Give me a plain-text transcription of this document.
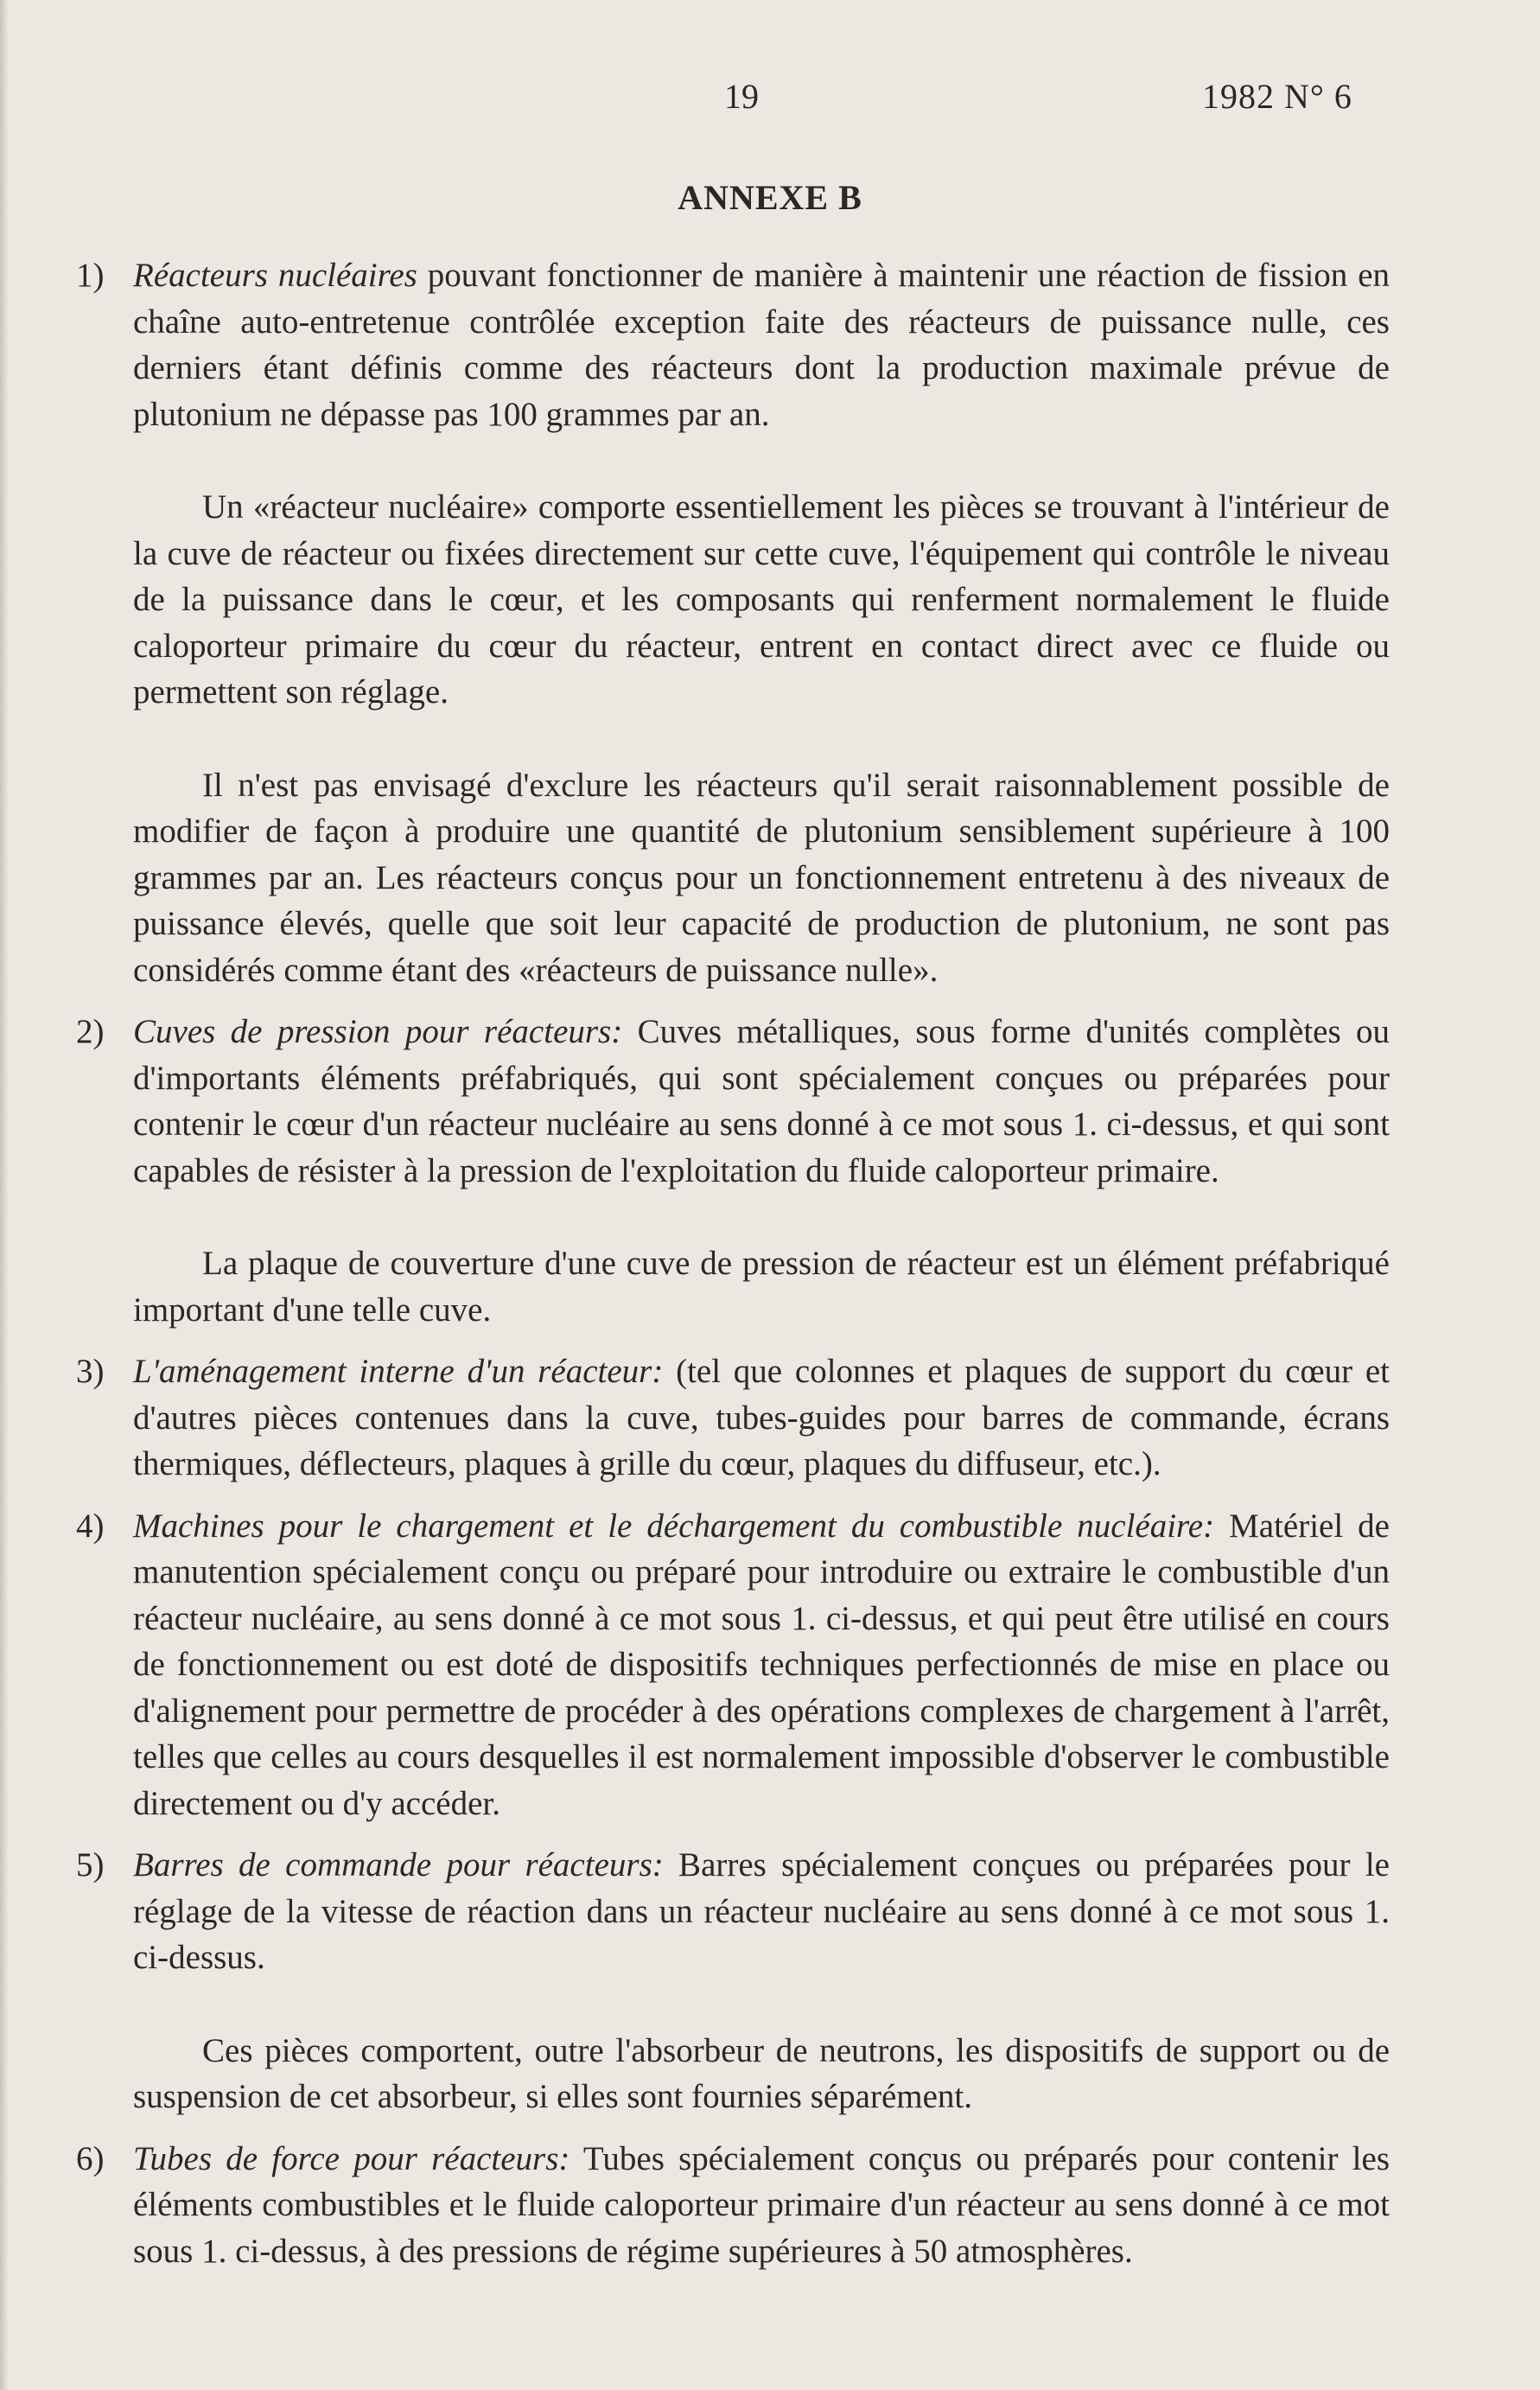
19	1982 N° 6
ANNEXE B
1) Réacteurs nucléaires pouvant fonctionner de manière à maintenir une réaction de fission en chaîne auto-entretenue contrôlée exception faite des réacteurs de puissance nulle, ces derniers étant définis comme des réacteurs dont la production maximale prévue de plutonium ne dépasse pas 100 grammes par an.
Un «réacteur nucléaire» comporte essentiellement les pièces se trouvant à l'intérieur de la cuve de réacteur ou fixées directement sur cette cuve, l'équipement qui contrôle le niveau de la puissance dans le cœur, et les composants qui renferment normalement le fluide caloporteur primaire du cœur du réacteur, entrent en contact direct avec ce fluide ou permettent son réglage.
Il n'est pas envisagé d'exclure les réacteurs qu'il serait raisonnablement possible de modifier de façon à produire une quantité de plutonium sensiblement supérieure à 100 grammes par an. Les réacteurs conçus pour un fonctionnement entretenu à des niveaux de puissance élevés, quelle que soit leur capacité de production de plutonium, ne sont pas considérés comme étant des «réacteurs de puissance nulle».
2) Cuves de pression pour réacteurs: Cuves métalliques, sous forme d'unités complètes ou d'importants éléments préfabriqués, qui sont spécialement conçues ou préparées pour contenir le cœur d'un réacteur nucléaire au sens donné à ce mot sous 1. ci-dessus, et qui sont capables de résister à la pression de l'exploitation du fluide caloporteur primaire.
La plaque de couverture d'une cuve de pression de réacteur est un élément préfabriqué important d'une telle cuve.
3) L'aménagement interne d'un réacteur: (tel que colonnes et plaques de support du cœur et d'autres pièces contenues dans la cuve, tubes-guides pour barres de commande, écrans thermiques, déflecteurs, plaques à grille du cœur, plaques du diffuseur, etc.).
4) Machines pour le chargement et le déchargement du combustible nucléaire: Matériel de manutention spécialement conçu ou préparé pour introduire ou extraire le combustible d'un réacteur nucléaire, au sens donné à ce mot sous 1. ci-dessus, et qui peut être utilisé en cours de fonctionnement ou est doté de dispositifs techniques perfectionnés de mise en place ou d'alignement pour permettre de procéder à des opérations complexes de chargement à l'arrêt, telles que celles au cours desquelles il est normalement impossible d'observer le combustible directement ou d'y accéder.
5) Barres de commande pour réacteurs: Barres spécialement conçues ou préparées pour le réglage de la vitesse de réaction dans un réacteur nucléaire au sens donné à ce mot sous 1. ci-dessus.
Ces pièces comportent, outre l'absorbeur de neutrons, les dispositifs de support ou de suspension de cet absorbeur, si elles sont fournies séparément.
6) Tubes de force pour réacteurs: Tubes spécialement conçus ou préparés pour contenir les éléments combustibles et le fluide caloporteur primaire d'un réacteur au sens donné à ce mot sous 1. ci-dessus, à des pressions de régime supérieures à 50 atmosphères.
